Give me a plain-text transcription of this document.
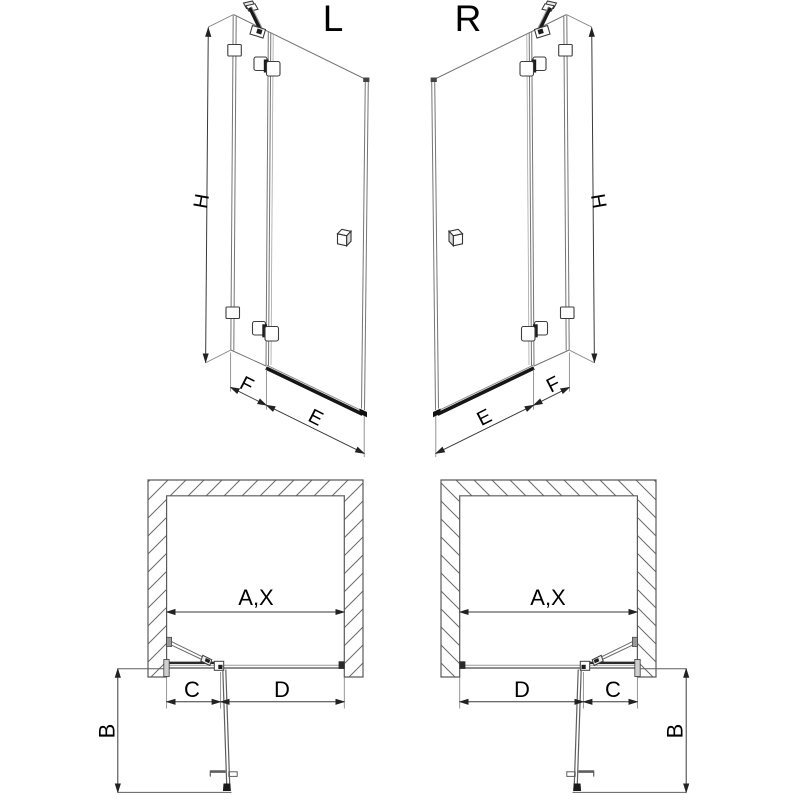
L	R
H
F
E
H
F
E
A,X
C	D
B
A,X
D	C
B
